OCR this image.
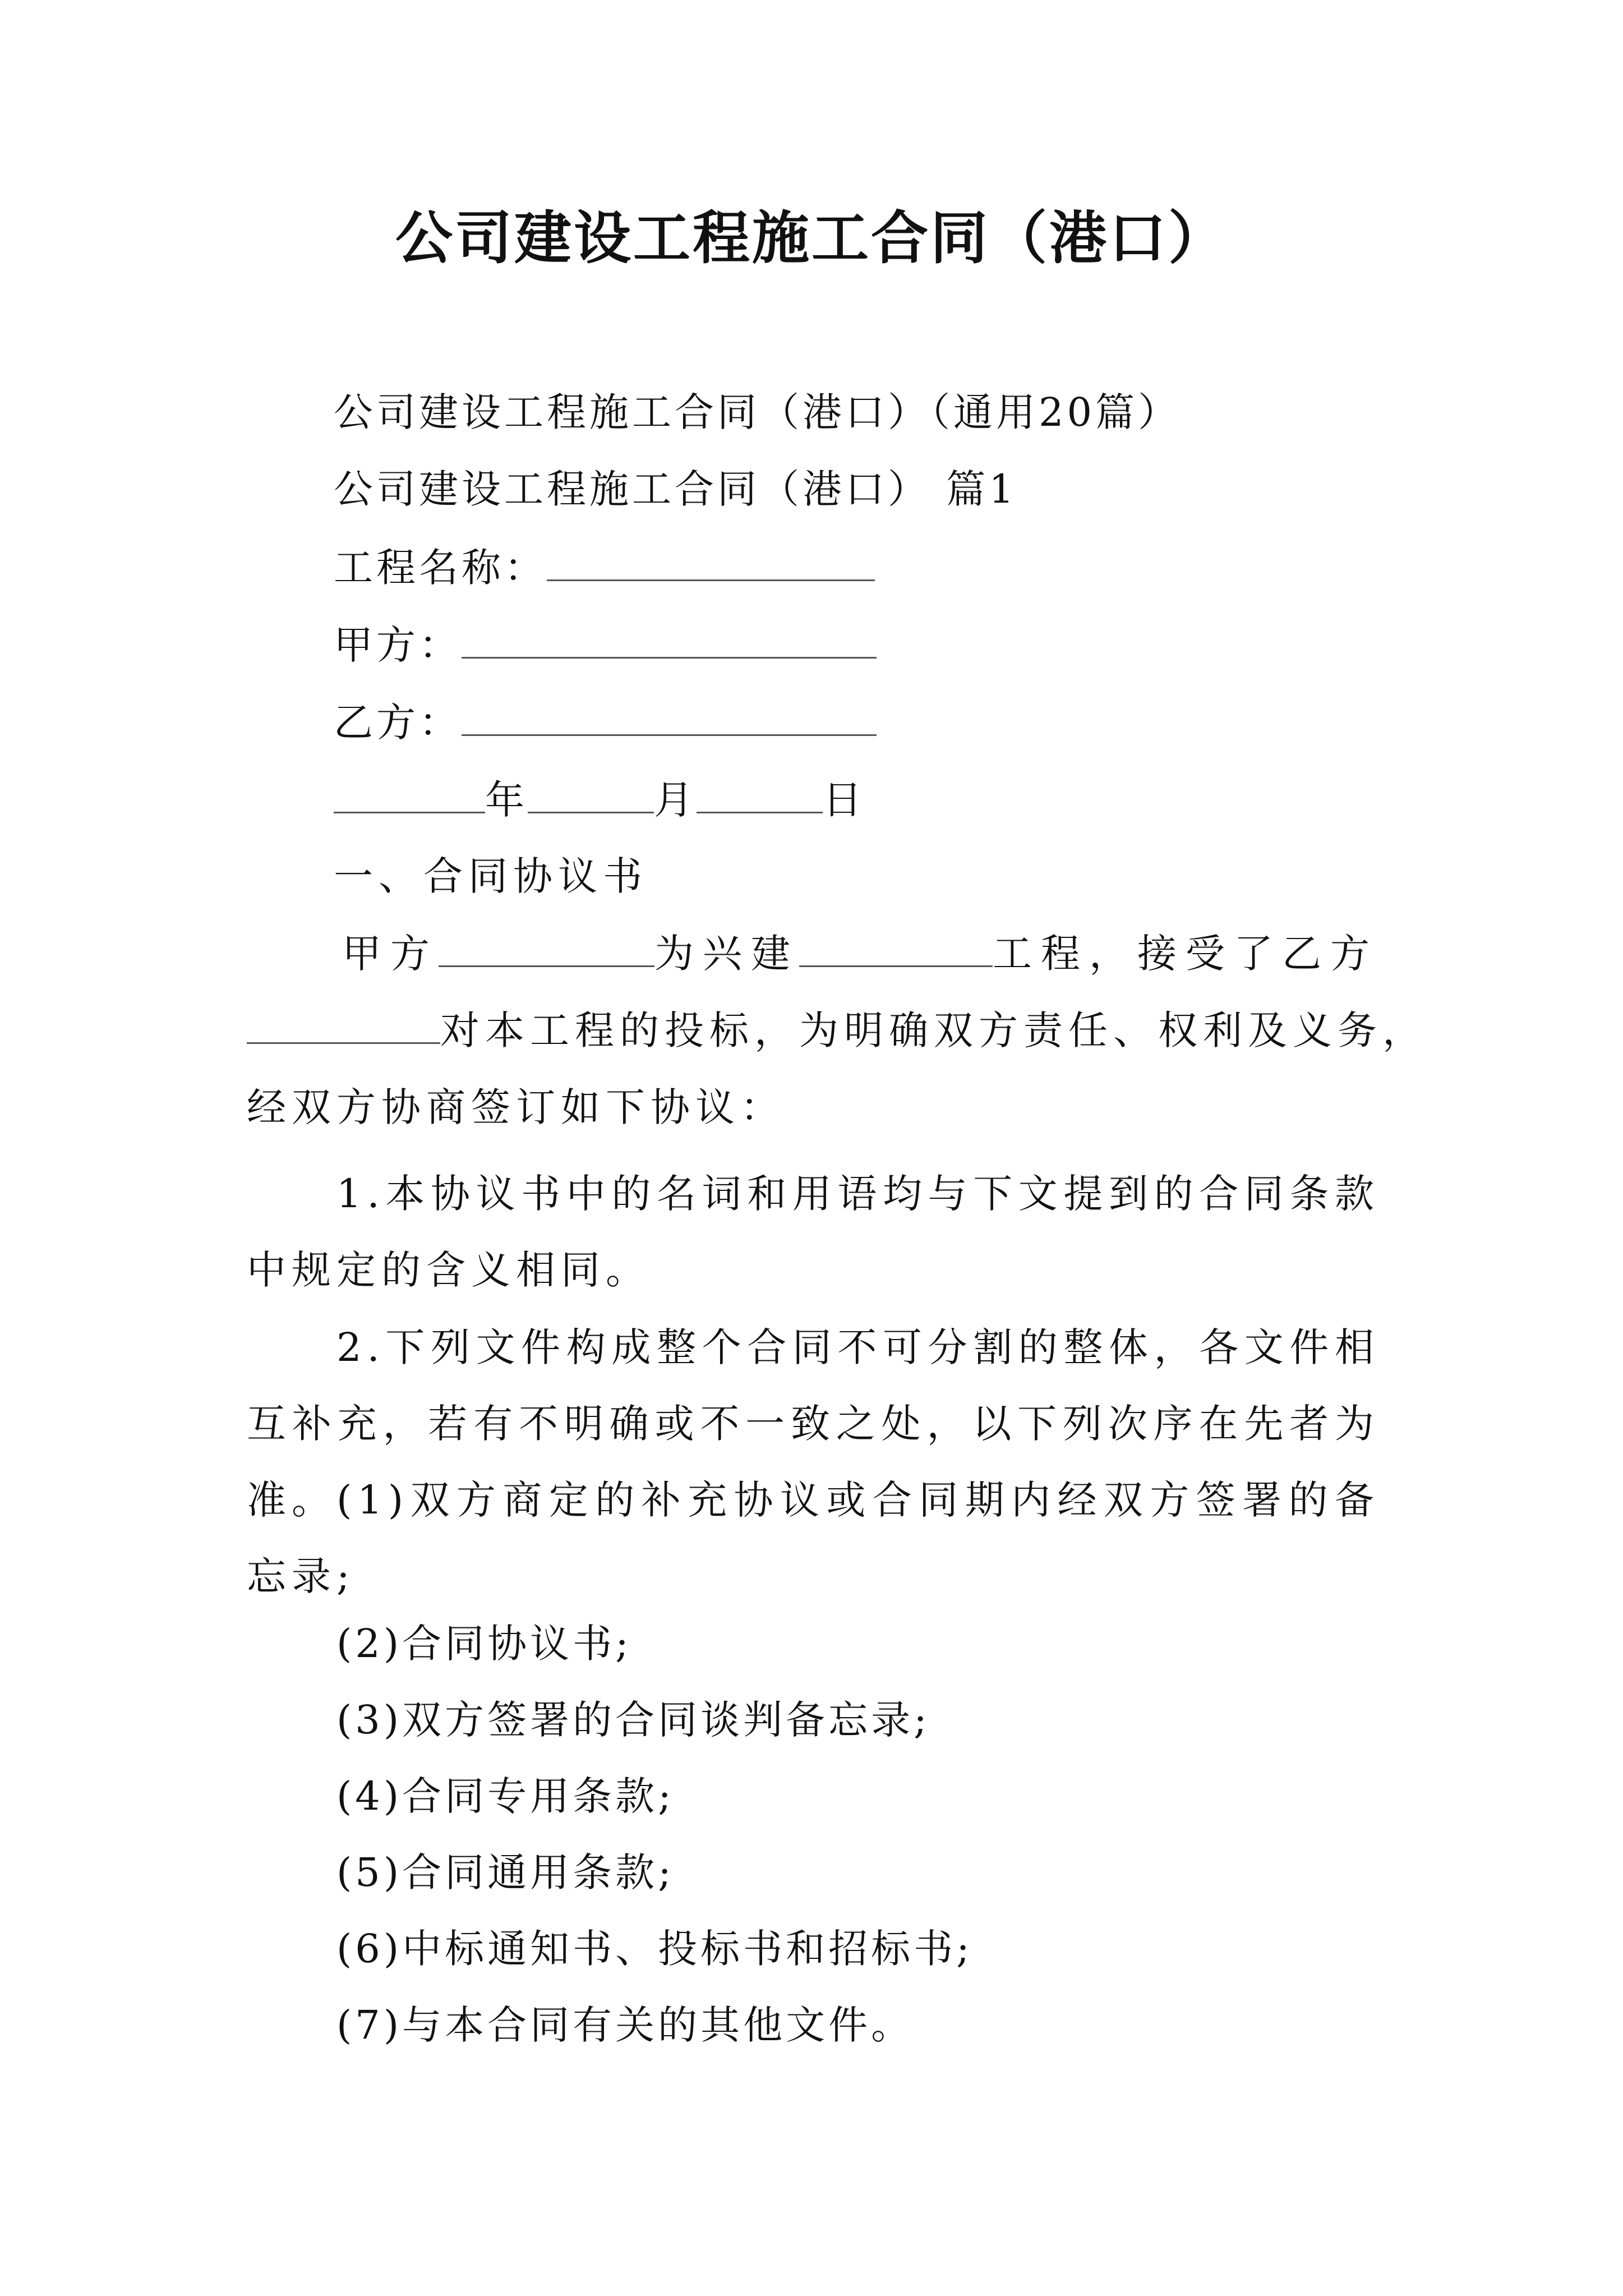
公司建设工程施工合同（港口）
公司建设工程施工合同（港口）（通用20篇）
公司建设工程施工合同（港口） 篇1
工程名称：
甲方：
乙方：
年	月	日
一、合同协议书
甲方	为兴建	工程，接受了乙方
对本工程的投标，为明确双方责任、权利及义务，
经双方协商签订如下协议：
1.本协议书中的名词和用语均与下文提到的合同条款中规定的含义相同。
2.下列文件构成整个合同不可分割的整体，各文件相互补充，若有不明确或不一致之处，以下列次序在先者为准。 (1)双方商定的补充协议或合同期内经双方签署的备忘录;
(2)合同协议书;
(3)双方签署的合同谈判备忘录;
(4)合同专用条款;
(5)合同通用条款;
(6)中标通知书、投标书和招标书;
(7)与本合同有关的其他文件。
